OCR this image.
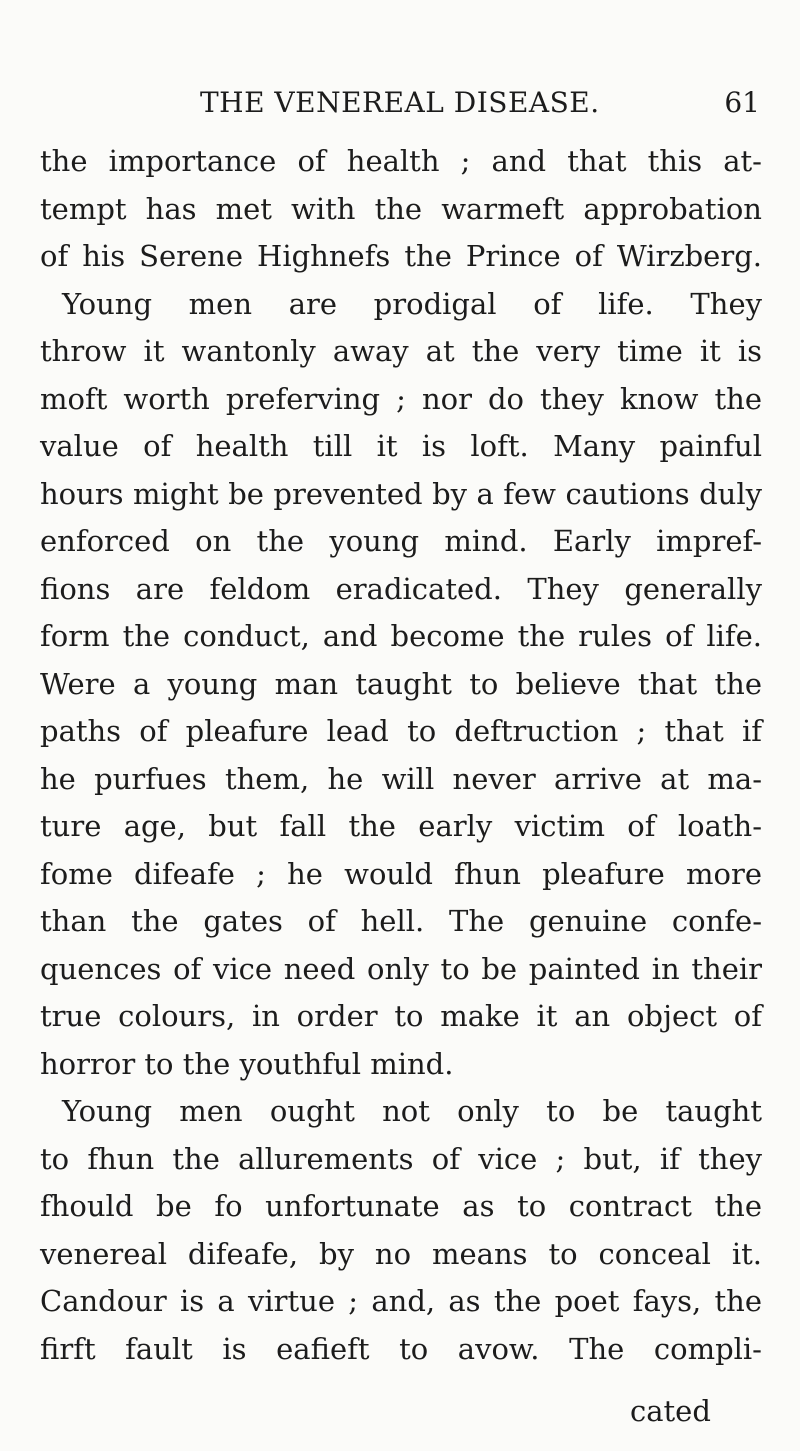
THE VENEREAL DISEASE.	61
the importance of health ; and that this at-
tempt has met with the warmeft approbation
of his Serene Highnefs the Prince of Wirzberg.
Young men are prodigal of life. They
throw it wantonly away at the very time it is
moft worth preferving ; nor do they know the
value of health till it is loft. Many painful
hours might be prevented by a few cautions duly
enforced on the young mind. Early impref-
fions are feldom eradicated. They generally
form the conduct, and become the rules of life.
Were a young man taught to believe that the
paths of pleafure lead to deftruction ; that if
he purfues them, he will never arrive at ma-
ture age, but fall the early victim of loath-
fome difeafe ; he would fhun pleafure more
than the gates of hell. The genuine confe-
quences of vice need only to be painted in their
true colours, in order to make it an object of
horror to the youthful mind.
Young men ought not only to be taught
to fhun the allurements of vice ; but, if they
fhould be fo unfortunate as to contract the
venereal difeafe, by no means to conceal it.
Candour is a virtue ; and, as the poet fays, the
firft fault is eafieft to avow. The compli-
cated
